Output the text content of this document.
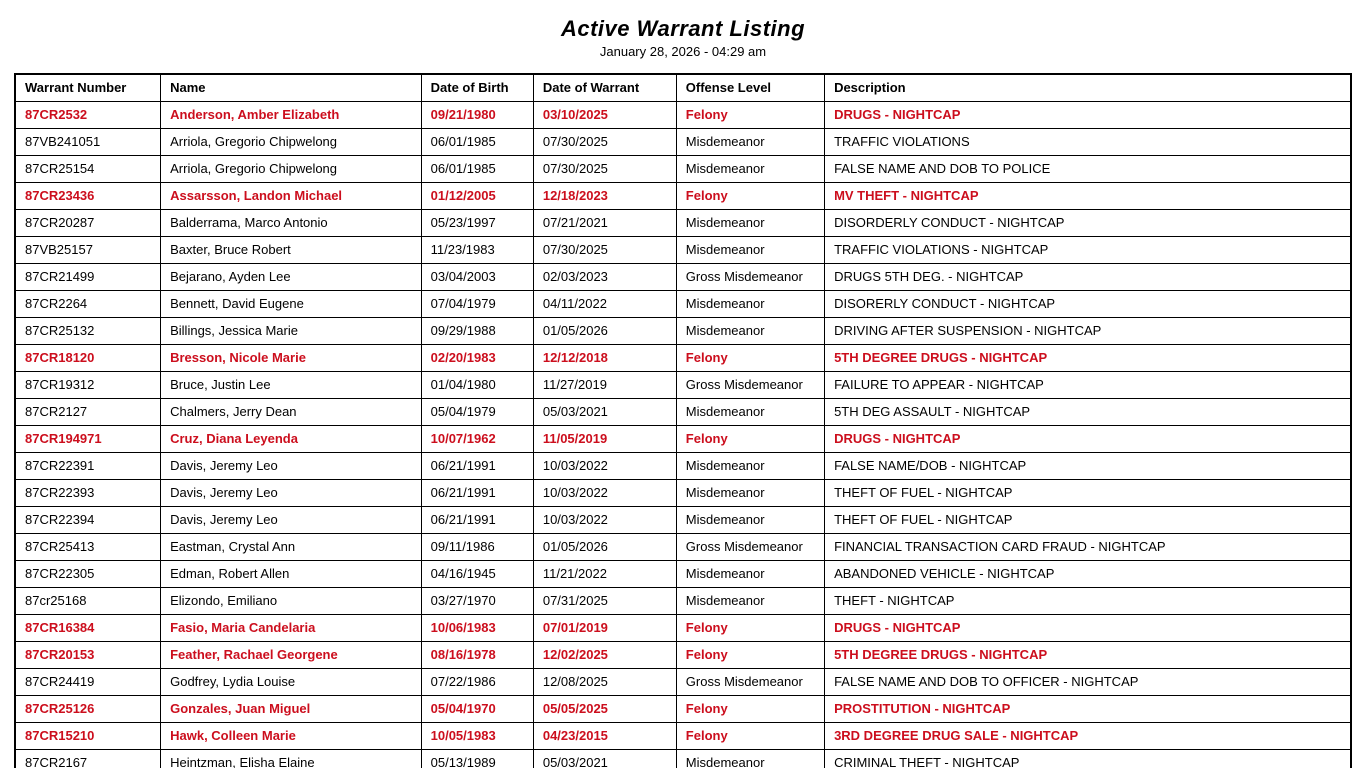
Active Warrant Listing
January 28, 2026 - 04:29 am
Warrant Number	Name	Date of Birth	Date of Warrant	Offense Level	Description
87CR2532	Anderson, Amber Elizabeth	09/21/1980	03/10/2025	Felony	DRUGS - NIGHTCAP
87VB241051	Arriola, Gregorio Chipwelong	06/01/1985	07/30/2025	Misdemeanor	TRAFFIC VIOLATIONS
87CR25154	Arriola, Gregorio Chipwelong	06/01/1985	07/30/2025	Misdemeanor	FALSE NAME AND DOB TO POLICE
87CR23436	Assarsson, Landon Michael	01/12/2005	12/18/2023	Felony	MV THEFT - NIGHTCAP
87CR20287	Balderrama, Marco Antonio	05/23/1997	07/21/2021	Misdemeanor	DISORDERLY CONDUCT - NIGHTCAP
87VB25157	Baxter, Bruce Robert	11/23/1983	07/30/2025	Misdemeanor	TRAFFIC VIOLATIONS - NIGHTCAP
87CR21499	Bejarano, Ayden Lee	03/04/2003	02/03/2023	Gross Misdemeanor	DRUGS 5TH DEG. - NIGHTCAP
87CR2264	Bennett, David Eugene	07/04/1979	04/11/2022	Misdemeanor	DISORERLY CONDUCT - NIGHTCAP
87CR25132	Billings, Jessica Marie	09/29/1988	01/05/2026	Misdemeanor	DRIVING AFTER SUSPENSION - NIGHTCAP
87CR18120	Bresson, Nicole Marie	02/20/1983	12/12/2018	Felony	5TH DEGREE DRUGS - NIGHTCAP
87CR19312	Bruce, Justin Lee	01/04/1980	11/27/2019	Gross Misdemeanor	FAILURE TO APPEAR - NIGHTCAP
87CR2127	Chalmers, Jerry Dean	05/04/1979	05/03/2021	Misdemeanor	5TH DEG ASSAULT - NIGHTCAP
87CR194971	Cruz, Diana Leyenda	10/07/1962	11/05/2019	Felony	DRUGS - NIGHTCAP
87CR22391	Davis, Jeremy Leo	06/21/1991	10/03/2022	Misdemeanor	FALSE NAME/DOB - NIGHTCAP
87CR22393	Davis, Jeremy Leo	06/21/1991	10/03/2022	Misdemeanor	THEFT OF FUEL - NIGHTCAP
87CR22394	Davis, Jeremy Leo	06/21/1991	10/03/2022	Misdemeanor	THEFT OF FUEL - NIGHTCAP
87CR25413	Eastman, Crystal Ann	09/11/1986	01/05/2026	Gross Misdemeanor	FINANCIAL TRANSACTION CARD FRAUD - NIGHTCAP
87CR22305	Edman, Robert Allen	04/16/1945	11/21/2022	Misdemeanor	ABANDONED VEHICLE - NIGHTCAP
87cr25168	Elizondo, Emiliano	03/27/1970	07/31/2025	Misdemeanor	THEFT - NIGHTCAP
87CR16384	Fasio, Maria Candelaria	10/06/1983	07/01/2019	Felony	DRUGS - NIGHTCAP
87CR20153	Feather, Rachael Georgene	08/16/1978	12/02/2025	Felony	5TH DEGREE DRUGS - NIGHTCAP
87CR24419	Godfrey, Lydia Louise	07/22/1986	12/08/2025	Gross Misdemeanor	FALSE NAME AND DOB TO OFFICER - NIGHTCAP
87CR25126	Gonzales, Juan Miguel	05/04/1970	05/05/2025	Felony	PROSTITUTION - NIGHTCAP
87CR15210	Hawk, Colleen Marie	10/05/1983	04/23/2015	Felony	3RD DEGREE DRUG SALE - NIGHTCAP
87CR2167	Heintzman, Elisha Elaine	05/13/1989	05/03/2021	Misdemeanor	CRIMINAL THEFT - NIGHTCAP
